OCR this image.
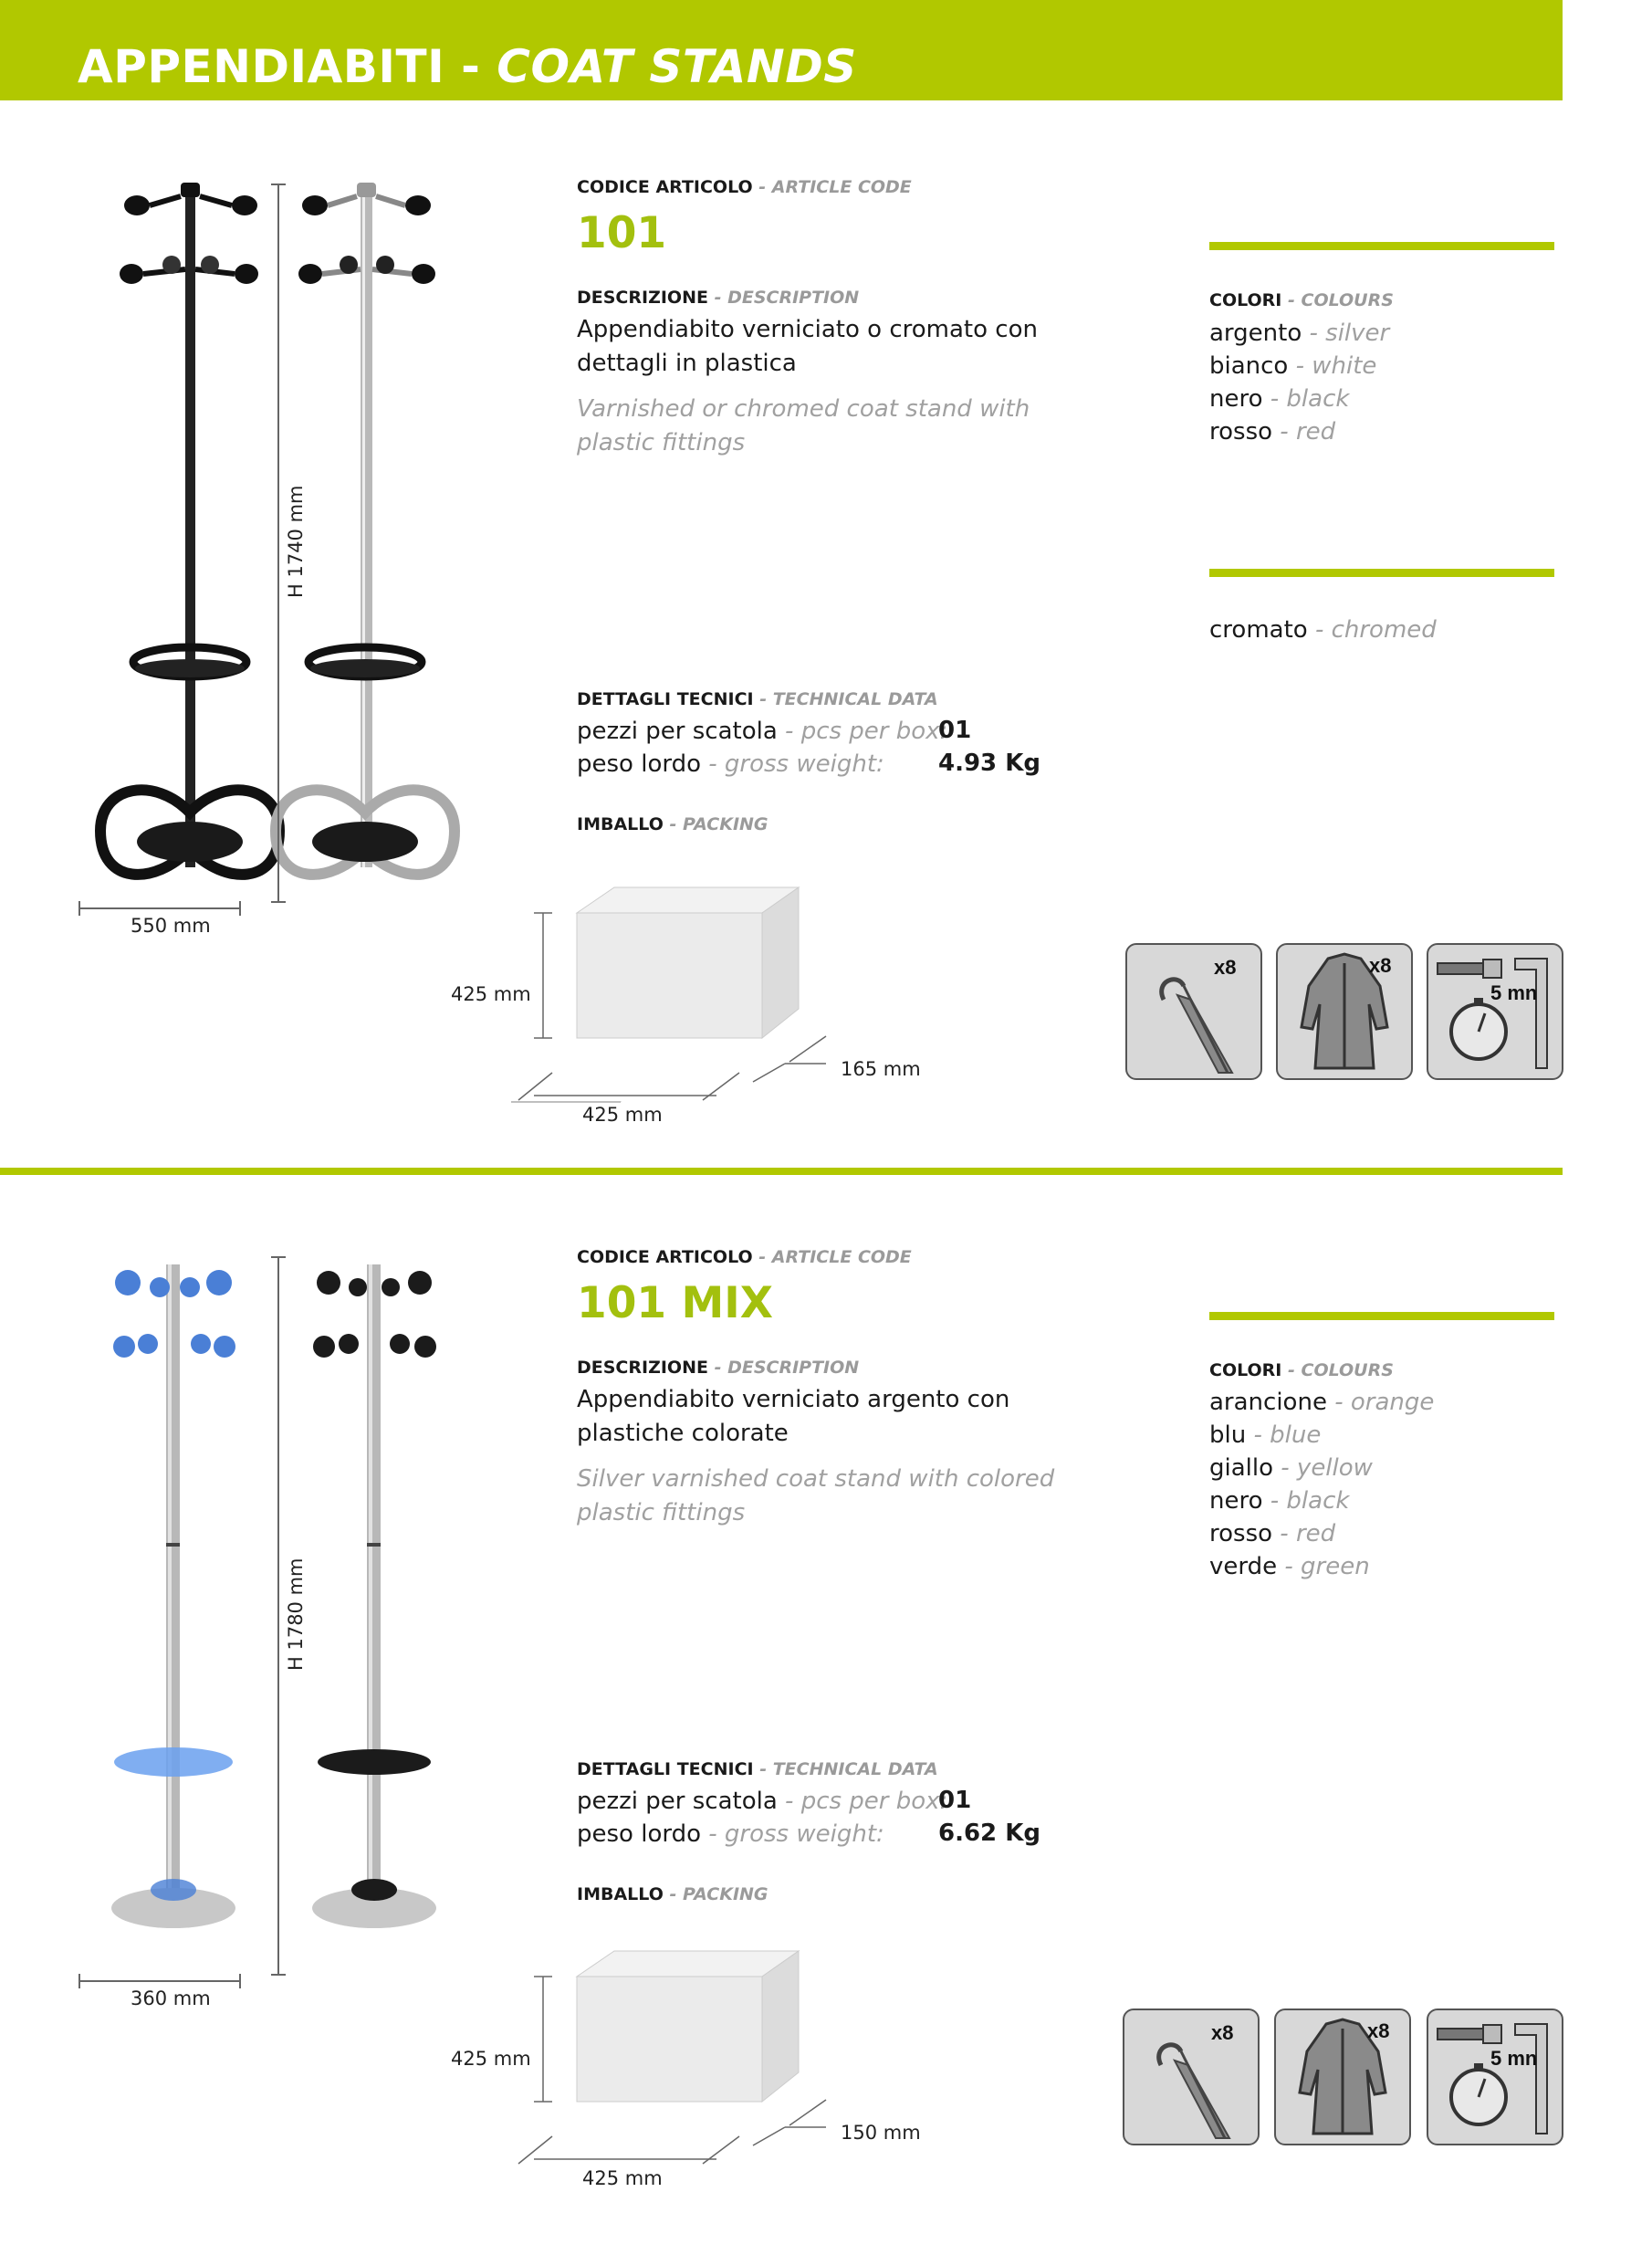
APPENDIABITI - COAT STANDS
H 1740 mm
550 mm
CODICE ARTICOLO - ARTICLE CODE
101
DESCRIZIONE - DESCRIPTION
Appendiabito verniciato o cromato con dettagli in plastica
Varnished or chromed coat stand with plastic fittings
COLORI - COLOURS
argento - silver
bianco - white
nero - black
rosso - red
cromato - chromed
DETTAGLI TECNICI - TECHNICAL DATA
pezzi per scatola - pcs per box:
01
peso lordo - gross weight: 4.93 Kg
IMBALLO - PACKING
425 mm
425 mm
165 mm
x8	x8
5 mn
H 1780 mm
360 mm
CODICE ARTICOLO - ARTICLE CODE
101 MIX
DESCRIZIONE - DESCRIPTION
Appendiabito verniciato argento con plastiche colorate
Silver varnished coat stand with colored plastic fittings
COLORI - COLOURS
arancione - orange
blu - blue
giallo - yellow
nero - black
rosso - red
verde - green
DETTAGLI TECNICI - TECHNICAL DATA
pezzi per scatola - pcs per box:
01
peso lordo - gross weight: 6.62 Kg
IMBALLO - PACKING
425 mm
425 mm
150 mm
x8	x8
5 mn
